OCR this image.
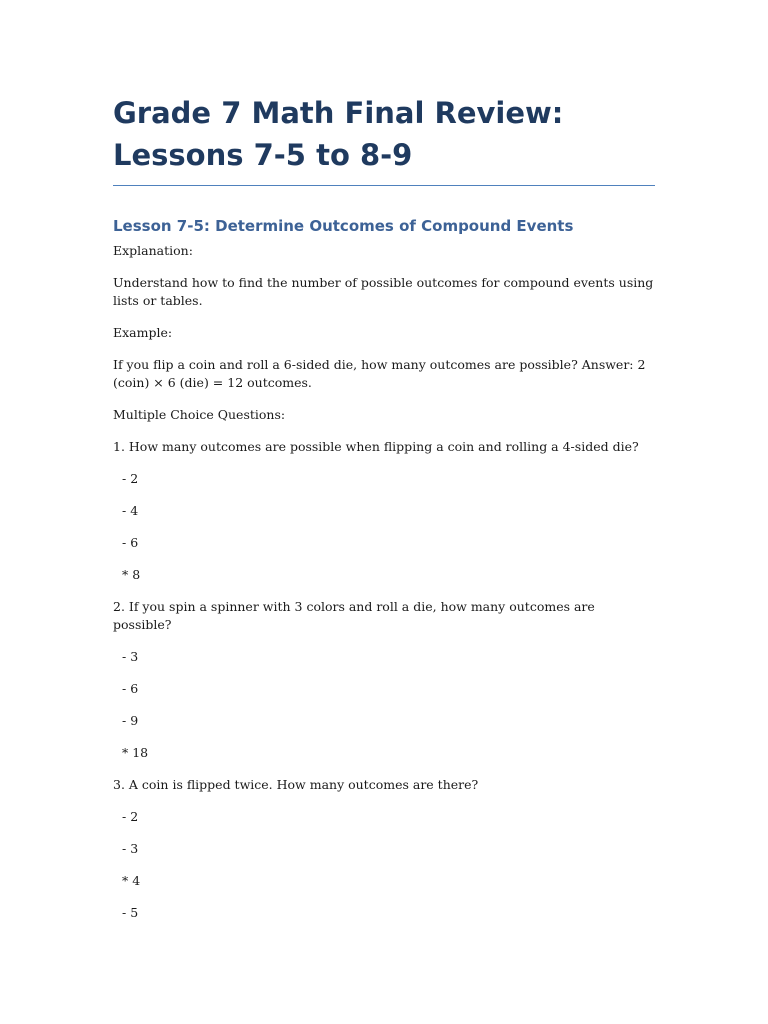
Grade 7 Math Final Review: Lessons 7-5 to 8-9
Lesson 7-5: Determine Outcomes of Compound Events

Explanation:

Understand how to find the number of possible outcomes for compound events using lists or tables.

Example:

If you flip a coin and roll a 6-sided die, how many outcomes are possible? Answer: 2 (coin) × 6 (die) = 12 outcomes.

Multiple Choice Questions:

1. How many outcomes are possible when flipping a coin and rolling a 4-sided die?

- 2

- 4

- 6

* 8

2. If you spin a spinner with 3 colors and roll a die, how many outcomes are possible?

- 3

- 6

- 9

* 18

3. A coin is flipped twice. How many outcomes are there?

- 2

- 3

* 4

- 5
